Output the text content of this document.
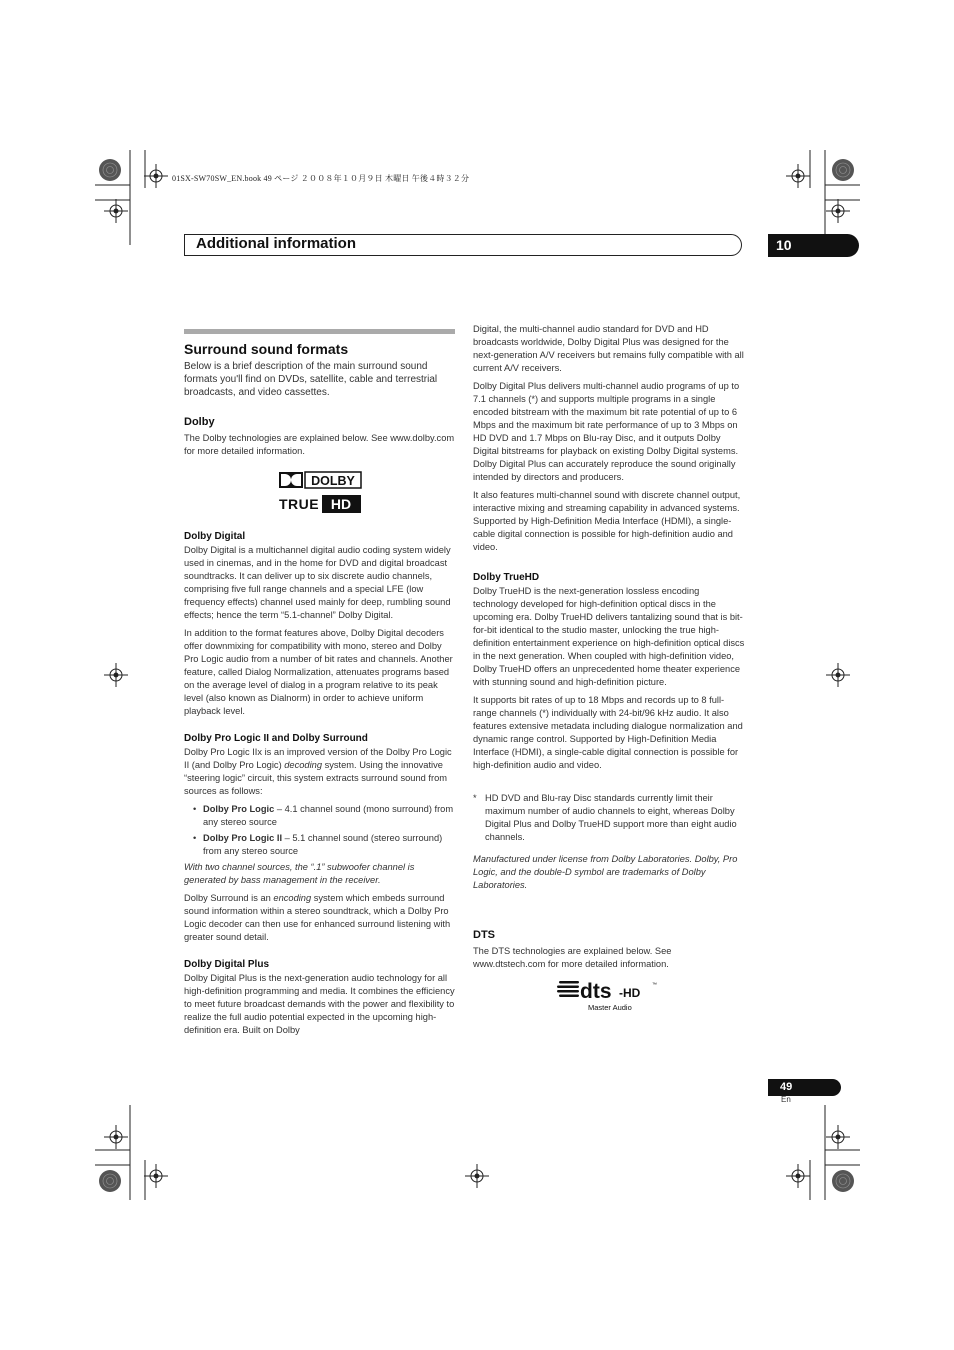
01SX-SW70SW_EN.book 49 ページ ２００８年１０月９日 木曜日 午後４時３２分
Additional information	10
Surround sound formats

Below is a brief description of the main surround sound formats you'll find on DVDs, satellite, cable and terrestrial broadcasts, and video cassettes.

Dolby

The Dolby technologies are explained below. See www.dolby.com for more detailed information.

DOLBY
TRUE HD
Dolby Digital

Dolby Digital is a multichannel digital audio coding system widely used in cinemas, and in the home for DVD and digital broadcast soundtracks. It can deliver up to six discrete audio channels, comprising five full range channels and a special LFE (low frequency effects) channel used mainly for deep, rumbling sound effects; hence the term “5.1-channel” Dolby Digital.

In addition to the format features above, Dolby Digital decoders offer downmixing for compatibility with mono, stereo and Dolby Pro Logic audio from a number of bit rates and channels. Another feature, called Dialog Normalization, attenuates programs based on the average level of dialog in a program relative to its peak level (also known as Dialnorm) in order to achieve uniform playback level.

Dolby Pro Logic II and Dolby Surround

Dolby Pro Logic IIx is an improved version of the Dolby Pro Logic II (and Dolby Pro Logic) decoding system. Using the innovative “steering logic” circuit, this system extracts surround sound from sources as follows:

• Dolby Pro Logic – 4.1 channel sound (mono surround) from any stereo source
• Dolby Pro Logic II – 5.1 channel sound (stereo surround) from any stereo source

With two channel sources, the “.1” subwoofer channel is generated by bass management in the receiver.

Dolby Surround is an encoding system which embeds surround sound information within a stereo soundtrack, which a Dolby Pro Logic decoder can then use for enhanced surround listening with greater sound detail.

Dolby Digital Plus

Dolby Digital Plus is the next-generation audio technology for all high-definition programming and media. It combines the efficiency to meet future broadcast demands with the power and flexibility to realize the full audio potential expected in the upcoming high-definition era. Built on Dolby

Digital, the multi-channel audio standard for DVD and HD broadcasts worldwide, Dolby Digital Plus was designed for the next-generation A/V receivers but remains fully compatible with all current A/V receivers.

Dolby Digital Plus delivers multi-channel audio programs of up to 7.1 channels (*) and supports multiple programs in a single encoded bitstream with the maximum bit rate potential of up to 6 Mbps and the maximum bit rate performance of up to 3 Mbps on HD DVD and 1.7 Mbps on Blu-ray Disc, and it outputs Dolby Digital bitstreams for playback on existing Dolby Digital systems. Dolby Digital Plus can accurately reproduce the sound originally intended by directors and producers.

It also features multi-channel sound with discrete channel output, interactive mixing and streaming capability in advanced systems. Supported by High-Definition Media Interface (HDMI), a single-cable digital connection is possible for high-definition audio and video.

Dolby TrueHD

Dolby TrueHD is the next-generation lossless encoding technology developed for high-definition optical discs in the upcoming era. Dolby TrueHD delivers tantalizing sound that is bit-for-bit identical to the studio master, unlocking the true high-definition entertainment experience on high-definition optical discs in the next generation. When coupled with high-definition video, Dolby TrueHD offers an unprecedented home theater experience with stunning sound and high-definition picture.

It supports bit rates of up to 18 Mbps and records up to 8 full-range channels (*) individually with 24-bit/96 kHz audio. It also features extensive metadata including dialogue normalization and dynamic range control. Supported by High-Definition Media Interface (HDMI), a single-cable digital connection is possible for high-definition audio and video.

* HD DVD and Blu-ray Disc standards currently limit their maximum number of audio channels to eight, whereas Dolby Digital Plus and Dolby TrueHD support more than eight audio channels.

Manufactured under license from Dolby Laboratories. Dolby, Pro Logic, and the double-D symbol are trademarks of Dolby Laboratories.

DTS

The DTS technologies are explained below. See www.dtstech.com for more detailed information.

dts -HD
™
Master Audio
49
En
